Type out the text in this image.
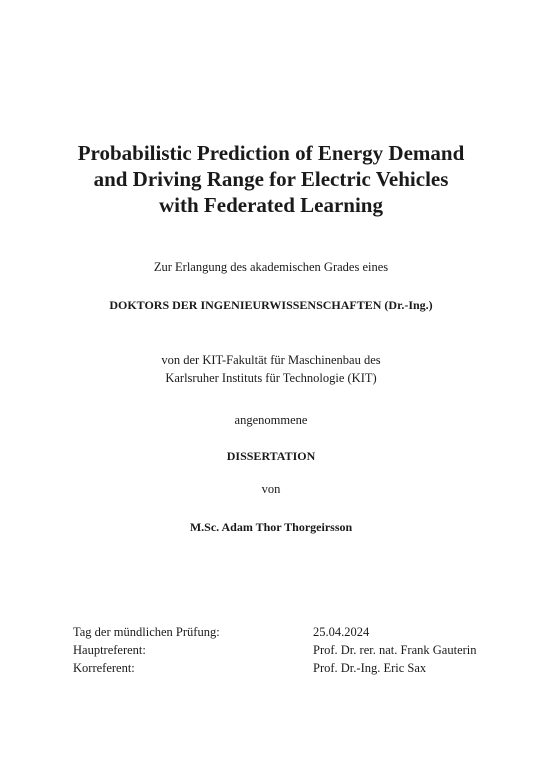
Probabilistic Prediction of Energy Demand
and Driving Range for Electric Vehicles
with Federated Learning
Zur Erlangung des akademischen Grades eines
DOKTORS DER INGENIEURWISSENSCHAFTEN (Dr.-Ing.)
von der KIT-Fakultät für Maschinenbau des
Karlsruher Instituts für Technologie (KIT)
angenommene
DISSERTATION
von
M.Sc. Adam Thor Thorgeirsson
Tag der mündlichen Prüfung:	25.04.2024
Hauptreferent:	Prof. Dr. rer. nat. Frank Gauterin
Korreferent:	Prof. Dr.-Ing. Eric Sax
